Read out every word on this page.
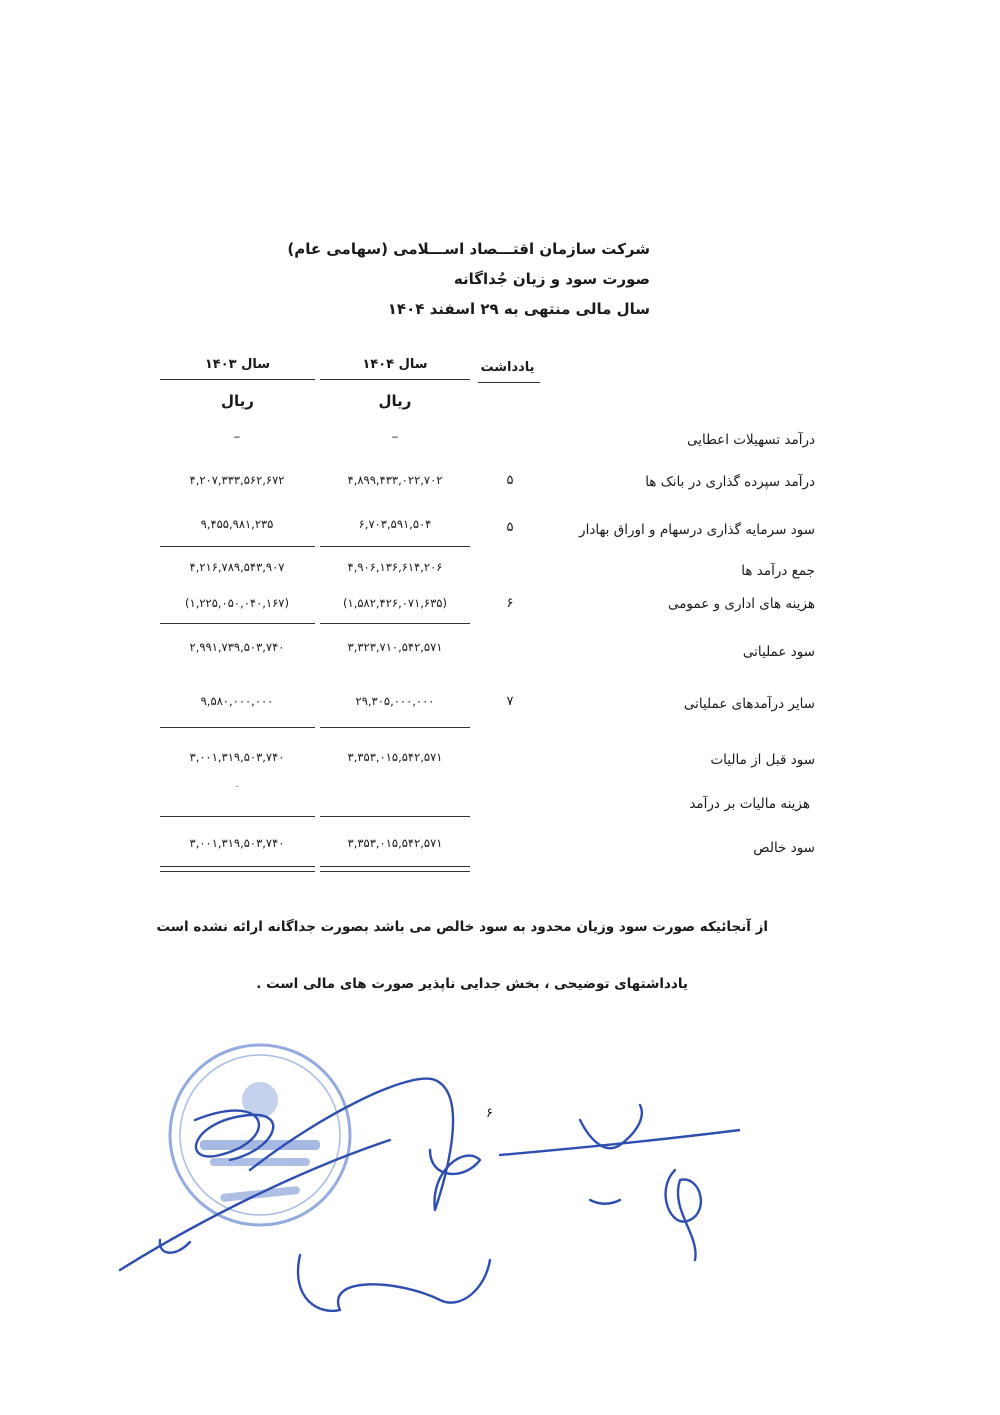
شرکت سازمان اقتـــصاد اســـلامی (سهامی عام)
صورت سود و زیان جُداگانه
سال مالی منتهی به ۲۹ اسفند ۱۴۰۴
یادداشت
سال ۱۴۰۴
سال ۱۴۰۳
ریال
ریال
درآمد تسهیلات اعطایی
_
_
درآمد سپرده گذاری در بانک ها
۵
۴,۸۹۹,۴۳۳,۰۲۲,۷۰۲
۴,۲۰۷,۳۳۳,۵۶۲,۶۷۲
سود سرمایه گذاری درسهام و اوراق بهادار
۵
۶,۷۰۳,۵۹۱,۵۰۴
۹,۴۵۵,۹۸۱,۲۳۵
جمع درآمد ها
۴,۹۰۶,۱۳۶,۶۱۴,۲۰۶
۴,۲۱۶,۷۸۹,۵۴۳,۹۰۷
هزینه های اداری و عمومی
۶
(۱,۵۸۲,۴۲۶,۰۷۱,۶۳۵)
(۱,۲۲۵,۰۵۰,۰۴۰,۱۶۷)
سود عملیاتی
۳,۳۲۳,۷۱۰,۵۴۲,۵۷۱
۲,۹۹۱,۷۳۹,۵۰۳,۷۴۰
سایر درآمدهای عملیاتی
۷
۲۹,۳۰۵,۰۰۰,۰۰۰
۹,۵۸۰,۰۰۰,۰۰۰
سود قبل از مالیات
۳,۳۵۳,۰۱۵,۵۴۲,۵۷۱
۳,۰۰۱,۳۱۹,۵۰۳,۷۴۰
هزینه مالیات بر درآمد
۰
سود خالص
۳,۳۵۳,۰۱۵,۵۴۲,۵۷۱
۳,۰۰۱,۳۱۹,۵۰۳,۷۴۰
از آنجائیکه صورت سود وزیان محدود به سود خالص می باشد بصورت جداگانه ارائه نشده است
یادداشتهای توضیحی ، بخش جدایی ناپذیر صورت های مالی است .
۶
